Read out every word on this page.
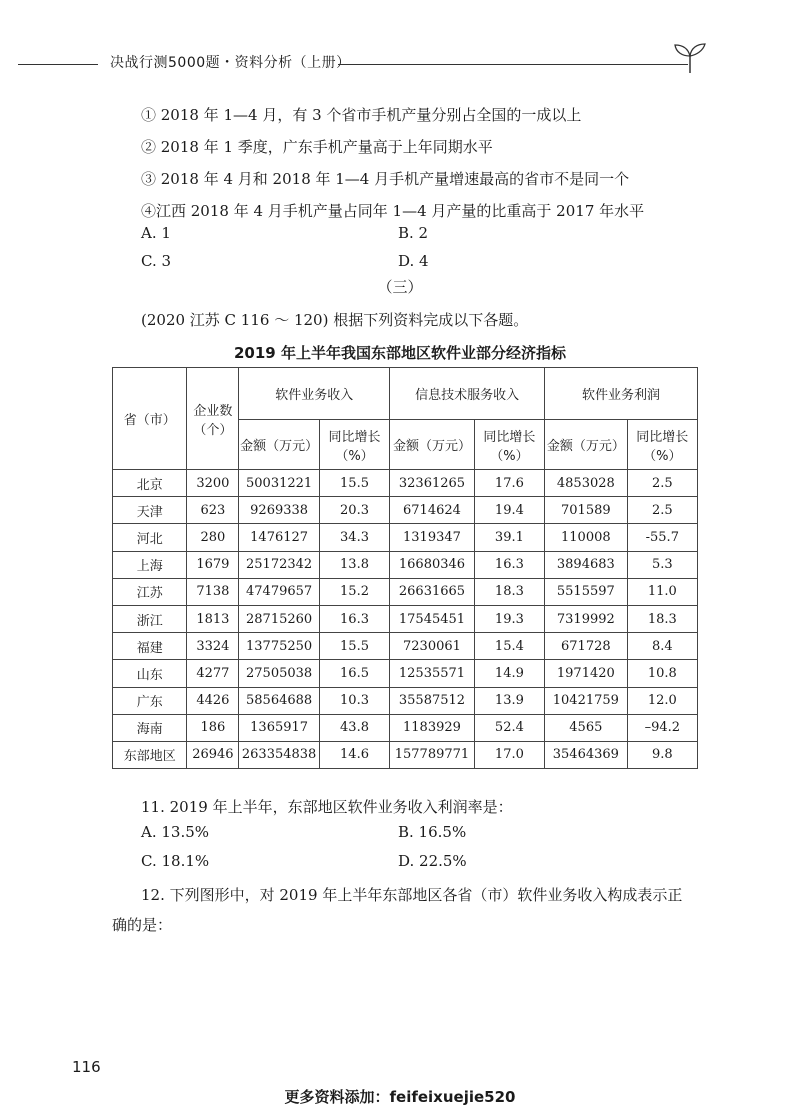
决战行测5000题・资料分析（上册）
① 2018 年 1—4 月，有 3 个省市手机产量分别占全国的一成以上
② 2018 年 1 季度，广东手机产量高于上年同期水平
③ 2018 年 4 月和 2018 年 1—4 月手机产量增速最高的省市不是同一个
④江西 2018 年 4 月手机产量占同年 1—4 月产量的比重高于 2017 年水平
A. 1	B. 2
C. 3	D. 4
（三）
(2020 江苏 C 116 ～ 120) 根据下列资料完成以下各题。
2019 年上半年我国东部地区软件业部分经济指标
省（市）	企业数（个）	软件业务收入		信息技术服务收入		软件业务利润	
		金额（万元）	同比增长（%）	金额（万元）	同比增长（%）	金额（万元）	同比增长（%）
北京	3200	50031221	15.5	32361265	17.6	4853028	2.5
天津	623	9269338	20.3	6714624	19.4	701589	2.5
河北	280	1476127	34.3	1319347	39.1	110008	-55.7
上海	1679	25172342	13.8	16680346	16.3	3894683	5.3
江苏	7138	47479657	15.2	26631665	18.3	5515597	11.0
浙江	1813	28715260	16.3	17545451	19.3	7319992	18.3
福建	3324	13775250	15.5	7230061	15.4	671728	8.4
山东	4277	27505038	16.5	12535571	14.9	1971420	10.8
广东	4426	58564688	10.3	35587512	13.9	10421759	12.0
海南	186	1365917	43.8	1183929	52.4	4565	–94.2
东部地区	26946	263354838	14.6	157789771	17.0	35464369	9.8
11. 2019 年上半年，东部地区软件业务收入利润率是：
A. 13.5%	B. 16.5%
C. 18.1%	D. 22.5%
12. 下列图形中，对 2019 年上半年东部地区各省（市）软件业务收入构成表示正
确的是：
116
更多资料添加：feifeixuejie520
